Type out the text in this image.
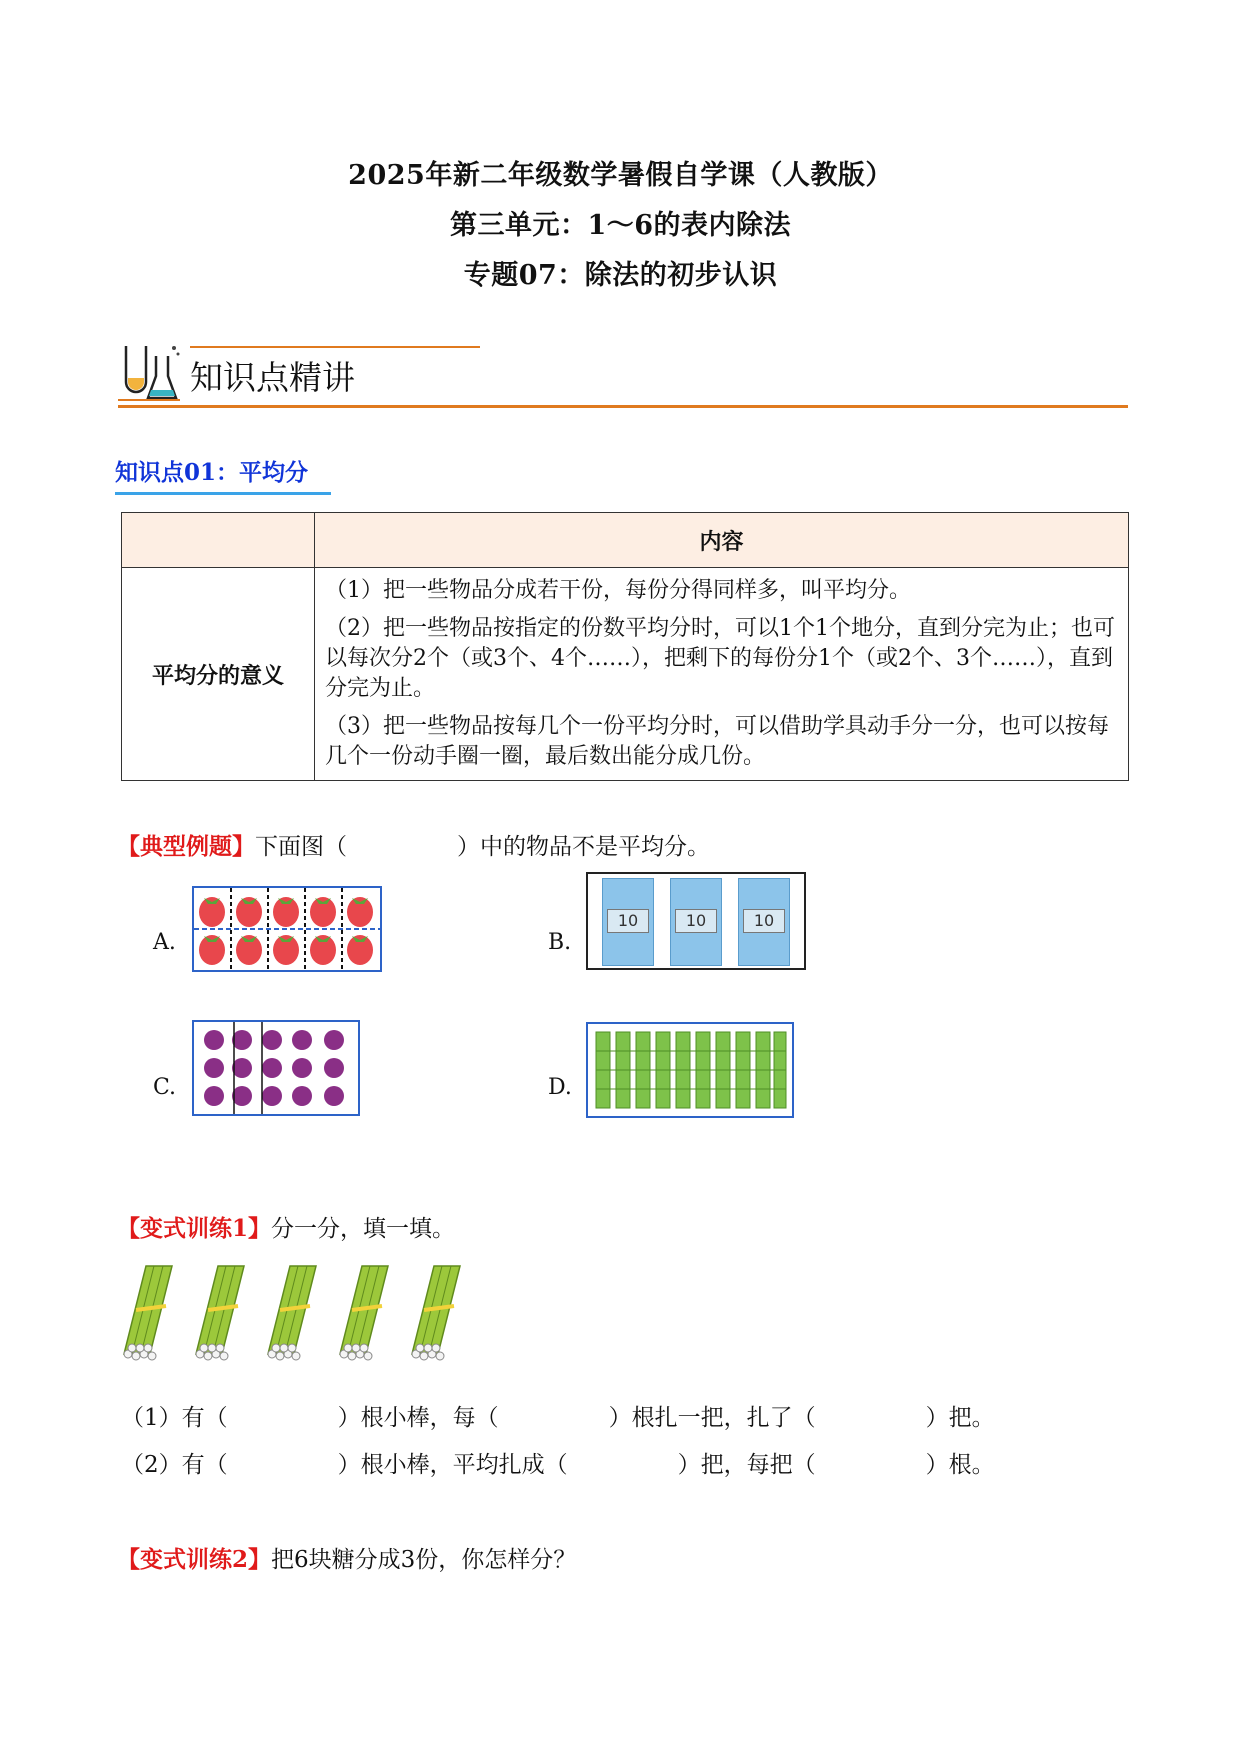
2025年新二年级数学暑假自学课（人教版）
第三单元：1～6的表内除法
专题07：除法的初步认识
知识点精讲
知识点01：平均分
	内容
平均分的意义	（1）把一些物品分成若干份，每份分得同样多，叫平均分。

（2）把一些物品按指定的份数平均分时，可以1个1个地分，直到分完为止；也可以每次分2个（或3个、4个……），把剩下的每份分1个（或2个、3个……），直到分完为止。

（3）把一些物品按每几个一份平均分时，可以借助学具动手分一分，也可以按每几个一份动手圈一圈，最后数出能分成几份。

【典型例题】下面图（	）中的物品不是平均分。
A.	B.
10	10	10
C.	D.
【变式训练1】分一分，填一填。
（1）有（	）根小棒，每（	）根扎一把，扎了（	）把。
（2）有（	）根小棒，平均扎成（	）把，每把（	）根。
【变式训练2】把6块糖分成3份，你怎样分？
